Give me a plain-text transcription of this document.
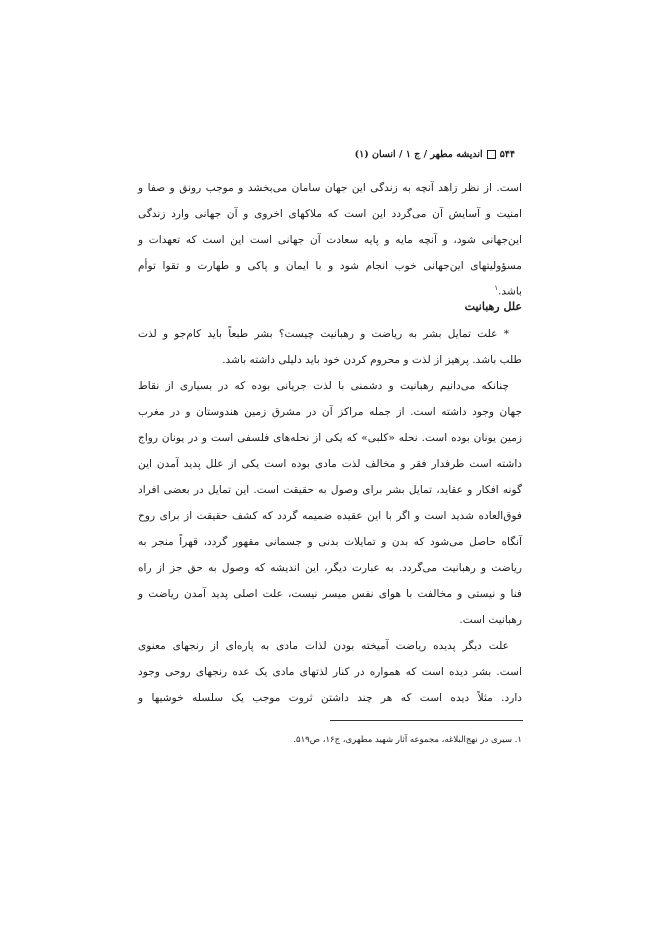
۵۴۴اندیشه مطهر / ج ۱ / انسان (۱)
است. از نظر زاهد آنچه به زندگی این جهان سامان می‌بخشد و موجب رونق و صفا و
امنیت و آسایش آن می‌گردد این است که ملاکهای اخروی و آن جهانی وارد زندگی
این‌جهانی شود، و آنچه مایه و پایه سعادت آن جهانی است این است که تعهدات و
مسؤولیتهای این‌جهانی خوب انجام شود و با ایمان و پاکی و طهارت و تقوا توأم
باشد.$^۱$
علل رهبانیت
* علت تمایل بشر به ریاضت و رهبانیت چیست؟ بشر طبعاً باید کام‌جو و لذت
طلب باشد. پرهیز از لذت و محروم کردن خود باید دلیلی داشته باشد.
چنانکه می‌دانیم رهبانیت و دشمنی با لذت جریانی بوده که در بسیاری از نقاط
جهان وجود داشته است. از جمله مراکز آن در مشرق زمین هندوستان و در مغرب
زمین یونان بوده است. نحله «کلبی» که یکی از نحله‌های فلسفی است و در یونان رواج
داشته است طرفدار فقر و مخالف لذت مادی بوده است یکی از علل پدید آمدن این
گونه افکار و عقاید، تمایل بشر برای وصول به حقیقت است. این تمایل در بعضی افراد
فوق‌العاده شدید است و اگر با این عقیده ضمیمه گردد که کشف حقیقت از برای روح
آنگاه حاصل می‌شود که بدن و تمایلات بدنی و جسمانی مقهور گردد، قهراً منجر به
ریاضت و رهبانیت می‌گردد. به عبارت دیگر، این اندیشه که وصول به حق جز از راه
فنا و نیستی و مخالفت با هوای نفس میسر نیست، علت اصلی پدید آمدن ریاضت و
رهبانیت است.
علت دیگر پدیده ریاضت آمیخته بودن لذات مادی به پاره‌ای از رنجهای معنوی
است. بشر دیده است که همواره در کنار لذتهای مادی یک عده رنجهای روحی وجود
دارد. مثلاً دیده است که هر چند داشتن ثروت موجب یک سلسله خوشیها و
۱. سیری در نهج‌البلاغه، مجموعه آثار شهید مطهری، ج۱۶، ص۵۱۹.
